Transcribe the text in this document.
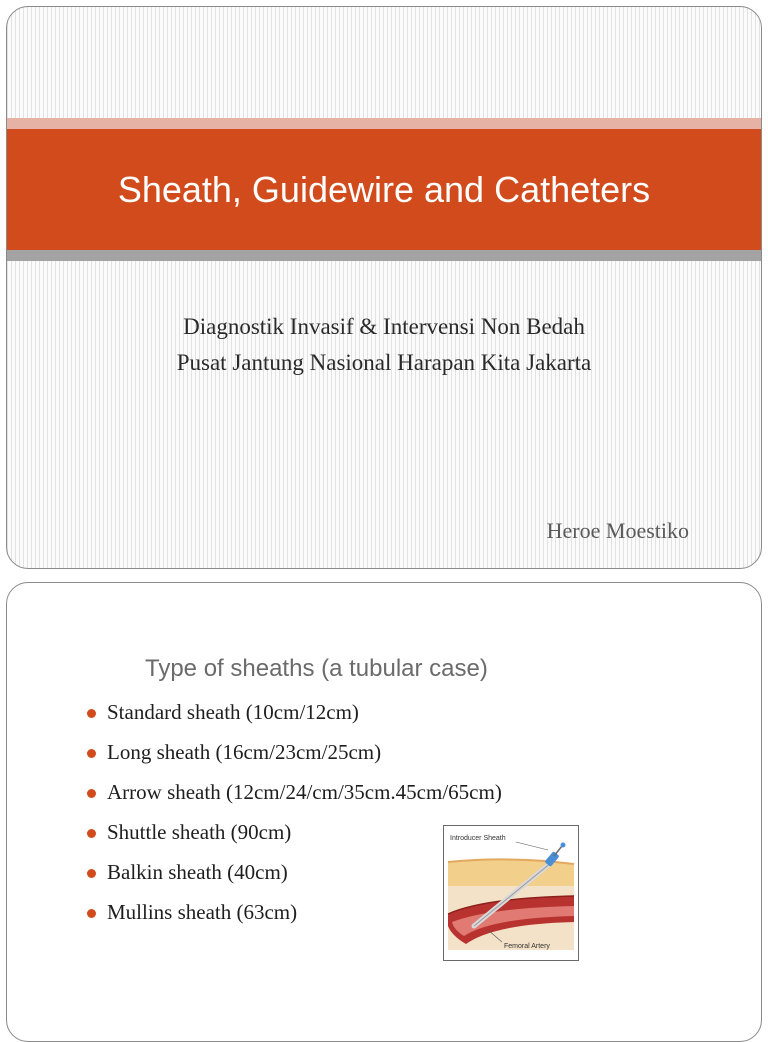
Sheath, Guidewire and Catheters
Diagnostik Invasif & Intervensi Non Bedah
Pusat Jantung Nasional Harapan Kita Jakarta
Heroe Moestiko
Type of sheaths (a tubular case)
Standard sheath (10cm/12cm)
Long sheath (16cm/23cm/25cm)
Arrow sheath (12cm/24/cm/35cm.45cm/65cm)
Shuttle sheath (90cm)
Balkin sheath (40cm)
Mullins sheath (63cm)
Introducer Sheath
Femoral Artery
